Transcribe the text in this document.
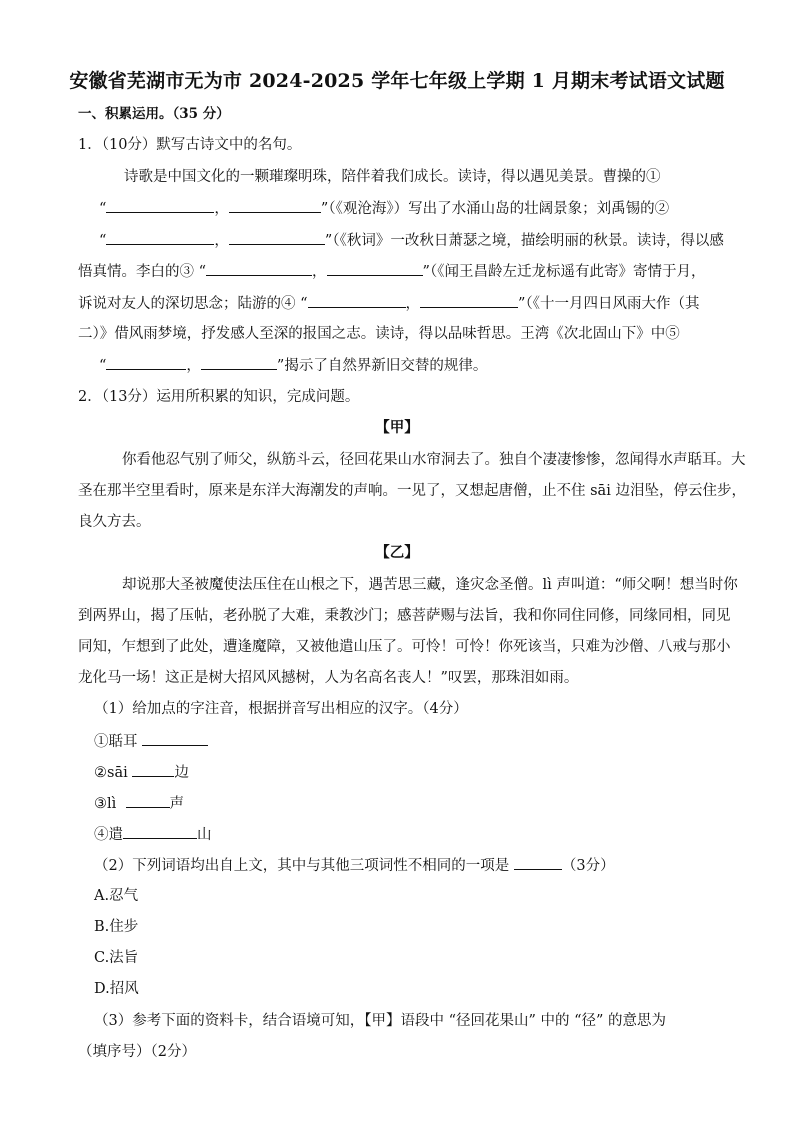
安徽省芜湖市无为市 2024-2025 学年七年级上学期 1 月期末考试语文试题
一、积累运用。（35 分）
1．（10分）默写古诗文中的名句。
诗歌是中国文化的一颗璀璨明珠，陪伴着我们成长。读诗，得以遇见美景。曹操的①
“	，	”（《观沧海》）写出了水涌山岛的壮阔景象；刘禹锡的②
“	，	”（《秋词》一改秋日萧瑟之境，描绘明丽的秋景。读诗，得以感
悟真情。李白的③ “	，	”（《闻王昌龄左迁龙标遥有此寄》寄情于月，
诉说对友人的深切思念；陆游的④ “	，	”（《十一月四日风雨大作（其
二）》借风雨梦境，抒发感人至深的报国之志。读诗，得以品味哲思。王湾《次北固山下》中⑤
“	，	”揭示了自然界新旧交替的规律。
2．（13分）运用所积累的知识，完成问题。
【甲】
你看他忍气别了师父，纵筋斗云，径回花果山水帘洞去了。独自个凄凄惨惨，忽闻得水声聒耳。大
圣在那半空里看时，原来是东洋大海潮发的声响。一见了，又想起唐僧，止不住 sāi 边泪坠，停云住步，
良久方去。
【乙】
却说那大圣被魔使法压住在山根之下，遇苦思三藏，逢灾念圣僧。lì 声叫道：“师父啊！想当时你
到两界山，揭了压帖，老孙脱了大难，秉教沙门；感菩萨赐与法旨，我和你同住同修，同缘同相，同见
同知，乍想到了此处，遭逢魔障，又被他遣山压了。可怜！可怜！你死该当，只难为沙僧、八戒与那小
龙化马一场！这正是树大招风风撼树，人为名高名丧人！”叹罢，那珠泪如雨。
（1）给加点的字注音，根据拼音写出相应的汉字。（4分）
①聒耳
②sāi	边
③lì	声
④遣	山
（2）下列词语均出自上文，其中与其他三项词性不相同的一项是	（3分）
A.忍气
B.住步
C.法旨
D.招风
（3）参考下面的资料卡，结合语境可知，【甲】语段中 “径回花果山” 中的 “径” 的意思为
（填序号）（2分）
